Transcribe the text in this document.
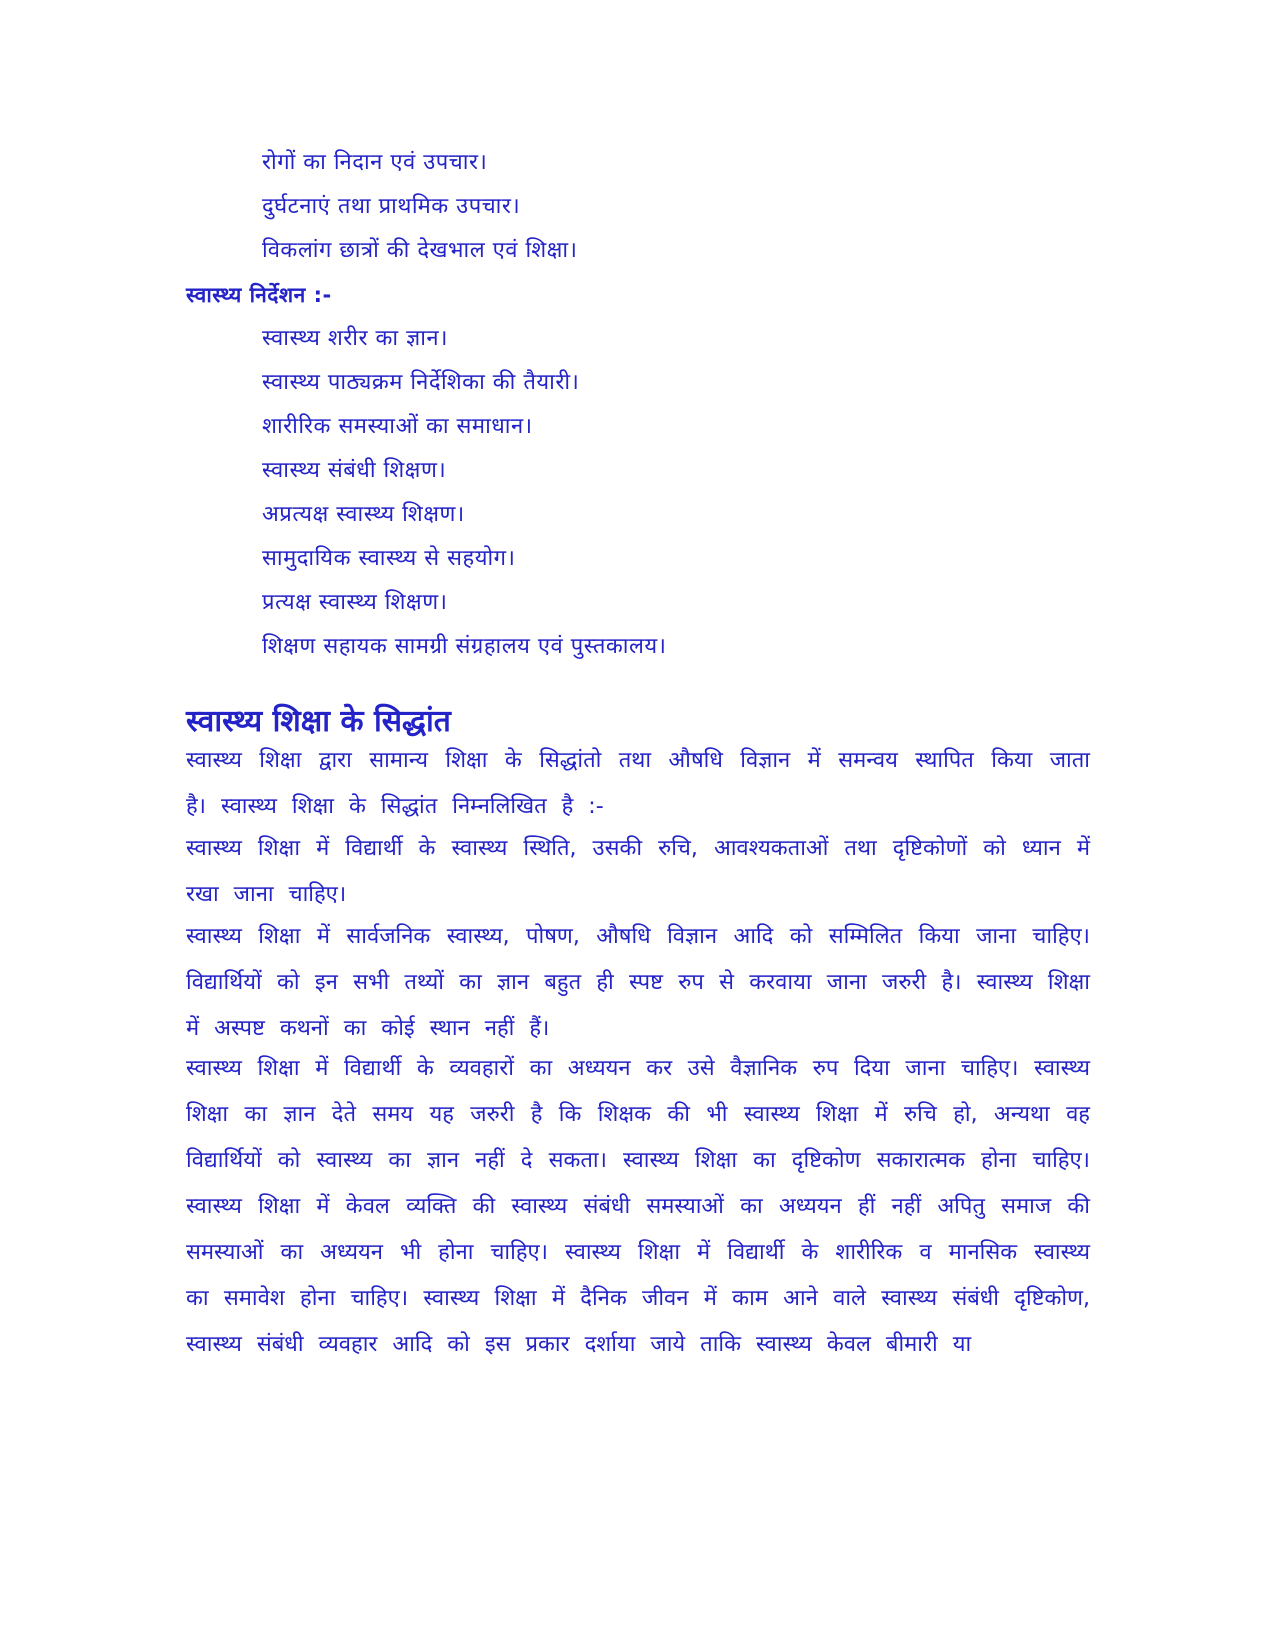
रोगों का निदान एवं उपचार।
दुर्घटनाएं तथा प्राथमिक उपचार।
विकलांग छात्रों की देखभाल एवं शिक्षा।
स्वास्थ्य निर्देशन :-
स्वास्थ्य शरीर का ज्ञान।
स्वास्थ्य पाठ्यक्रम निर्देशिका की तैयारी।
शारीरिक समस्याओं का समाधान।
स्वास्थ्य संबंधी शिक्षण।
अप्रत्यक्ष स्वास्थ्य शिक्षण।
सामुदायिक स्वास्थ्य से सहयोग।
प्रत्यक्ष स्वास्थ्य शिक्षण।
शिक्षण सहायक सामग्री संग्रहालय एवं पुस्तकालय।
स्वास्थ्य शिक्षा के सिद्धांत

स्वास्थ्य शिक्षा द्वारा सामान्य शिक्षा के सिद्धांतो तथा औषधि विज्ञान में समन्वय स्थापित किया जाता है। स्वास्थ्य शिक्षा के सिद्धांत निम्नलिखित है :-

स्वास्थ्य शिक्षा में विद्यार्थी के स्वास्थ्य स्थिति, उसकी रुचि, आवश्यकताओं तथा दृष्टिकोणों को ध्यान में रखा जाना चाहिए।

स्वास्थ्य शिक्षा में सार्वजनिक स्वास्थ्य, पोषण, औषधि विज्ञान आदि को सम्मिलित किया जाना चाहिए। विद्यार्थियों को इन सभी तथ्यों का ज्ञान बहुत ही स्पष्ट रुप से करवाया जाना जरुरी है। स्वास्थ्य शिक्षा में अस्पष्ट कथनों का कोई स्थान नहीं हैं।

स्वास्थ्य शिक्षा में विद्यार्थी के व्यवहारों का अध्ययन कर उसे वैज्ञानिक रुप दिया जाना चाहिए। स्वास्थ्य शिक्षा का ज्ञान देते समय यह जरुरी है कि शिक्षक की भी स्वास्थ्य शिक्षा में रुचि हो, अन्यथा वह विद्यार्थियों को स्वास्थ्य का ज्ञान नहीं दे सकता। स्वास्थ्य शिक्षा का दृष्टिकोण सकारात्मक होना चाहिए। स्वास्थ्य शिक्षा में केवल व्यक्ति की स्वास्थ्य संबंधी समस्याओं का अध्ययन हीं नहीं अपितु समाज की समस्याओं का अध्ययन भी होना चाहिए। स्वास्थ्य शिक्षा में विद्यार्थी के शारीरिक व मानसिक स्वास्थ्य का समावेश होना चाहिए। स्वास्थ्य शिक्षा में दैनिक जीवन में काम आने वाले स्वास्थ्य संबंधी दृष्टिकोण, स्वास्थ्य संबंधी व्यवहार आदि को इस प्रकार दर्शाया जाये ताकि स्वास्थ्य केवल बीमारी या
